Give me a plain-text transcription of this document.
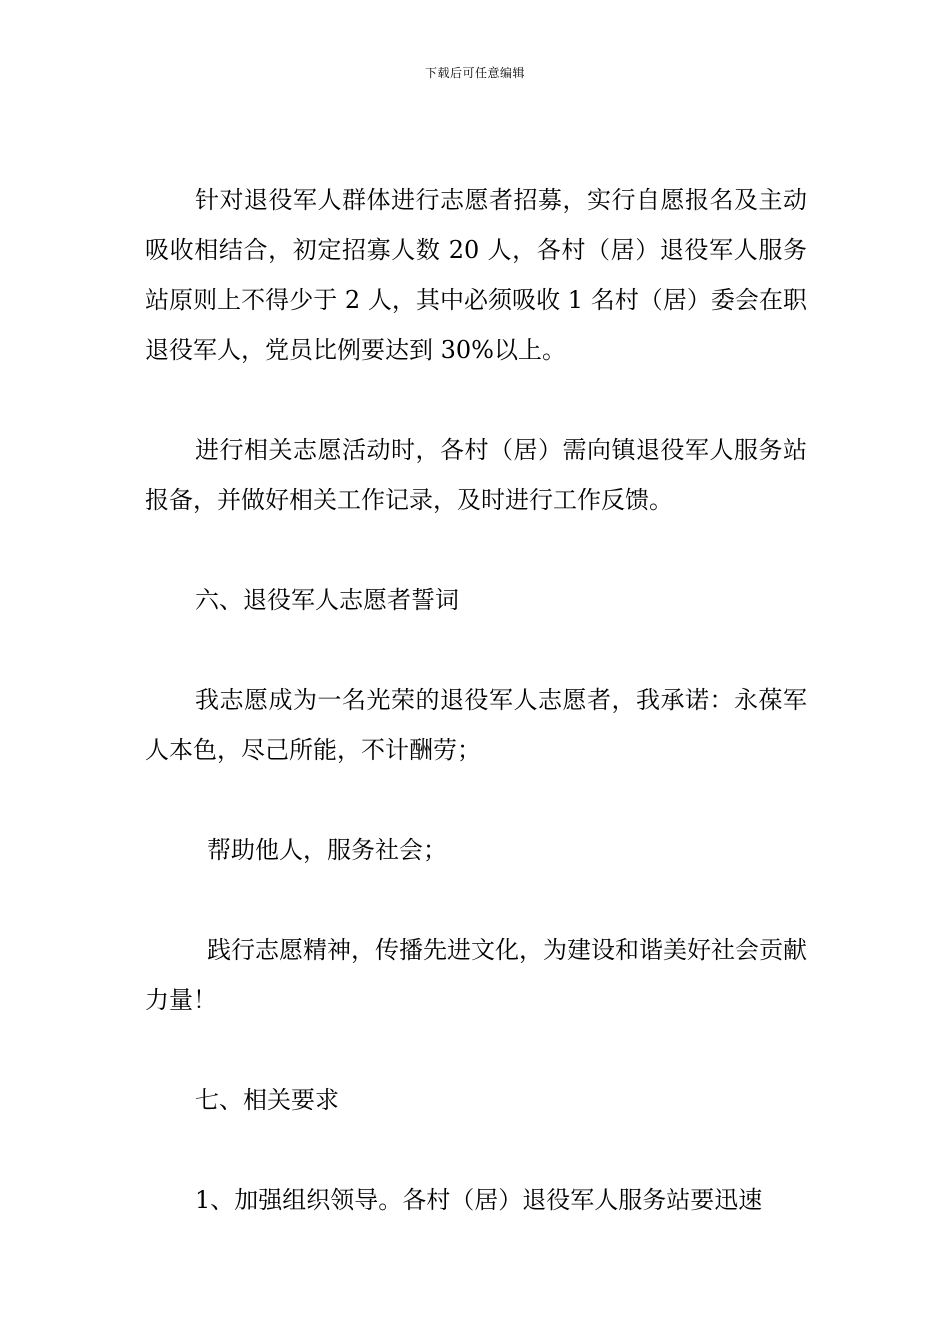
下载后可任意编辑

针对退役军人群体进行志愿者招募，实行自愿报名及主动吸收相结合，初定招寡人数 20 人，各村（居）退役军人服务站原则上不得少于 2 人，其中必须吸收 1 名村（居）委会在职退役军人，党员比例要达到 30%以上。

进行相关志愿活动时，各村（居）需向镇退役军人服务站报备，并做好相关工作记录，及时进行工作反馈。

六、退役军人志愿者誓词

我志愿成为一名光荣的退役军人志愿者，我承诺：永葆军人本色，尽己所能，不计酬劳；

帮助他人，服务社会；

践行志愿精神，传播先进文化，为建设和谐美好社会贡献力量！

七、相关要求

1、加强组织领导。各村（居）退役军人服务站要迅速
